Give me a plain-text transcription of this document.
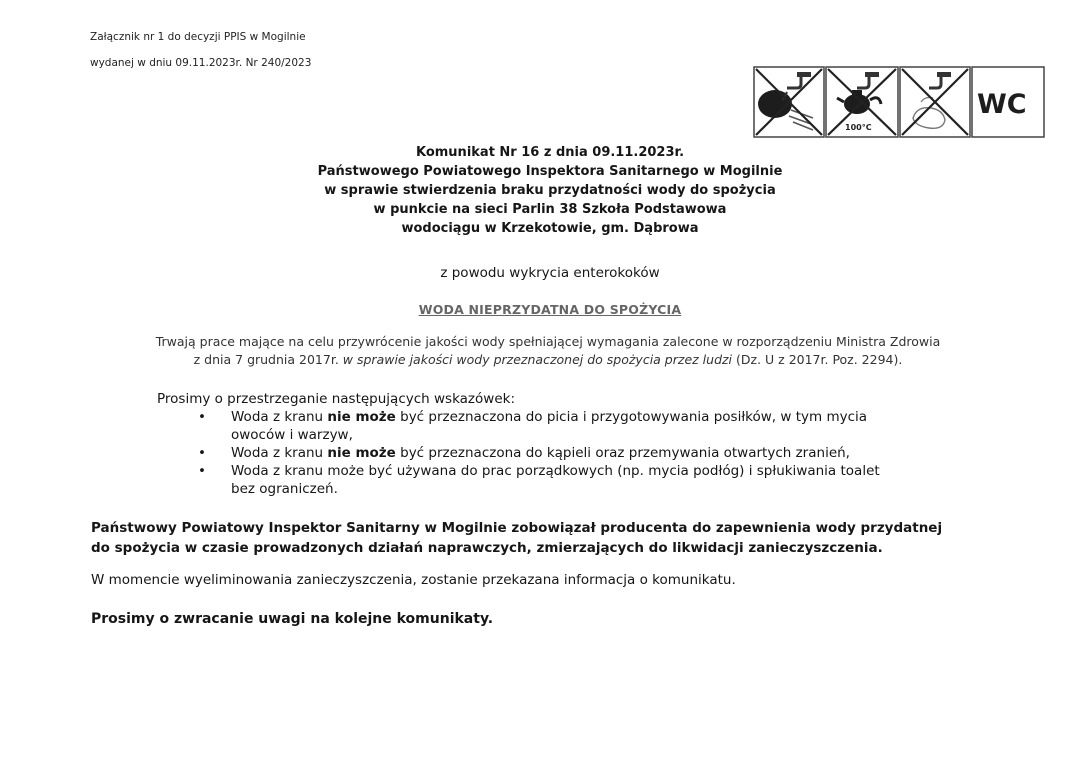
Załącznik nr 1 do decyzji PPIS w Mogilnie
wydanej w dniu 09.11.2023r. Nr 240/2023
100°C
WC
Komunikat Nr 16 z dnia 09.11.2023r.
Państwowego Powiatowego Inspektora Sanitarnego w Mogilnie
w sprawie stwierdzenia braku przydatności wody do spożycia
w punkcie na sieci Parlin 38 Szkoła Podstawowa
wodociągu w Krzekotowie, gm. Dąbrowa
z powodu wykrycia enterokoków
WODA NIEPRZYDATNA DO SPOŻYCIA
Trwają prace mające na celu przywrócenie jakości wody spełniającej wymagania zalecone w rozporządzeniu Ministra Zdrowia
z dnia 7 grudnia 2017r. w sprawie jakości wody przeznaczonej do spożycia przez ludzi (Dz. U z 2017r. Poz. 2294).
Prosimy o przestrzeganie następujących wskazówek:
• Woda z kranu nie może być przeznaczona do picia i przygotowywania posiłków, w tym mycia
owoców i warzyw,
• Woda z kranu nie może być przeznaczona do kąpieli oraz przemywania otwartych zranień,
• Woda z kranu może być używana do prac porządkowych (np. mycia podłóg) i spłukiwania toalet
bez ograniczeń.
Państwowy Powiatowy Inspektor Sanitarny w Mogilnie zobowiązał producenta do zapewnienia wody przydatnej
do spożycia w czasie prowadzonych działań naprawczych, zmierzających do likwidacji zanieczyszczenia.
W momencie wyeliminowania zanieczyszczenia, zostanie przekazana informacja o komunikatu.
Prosimy o zwracanie uwagi na kolejne komunikaty.
